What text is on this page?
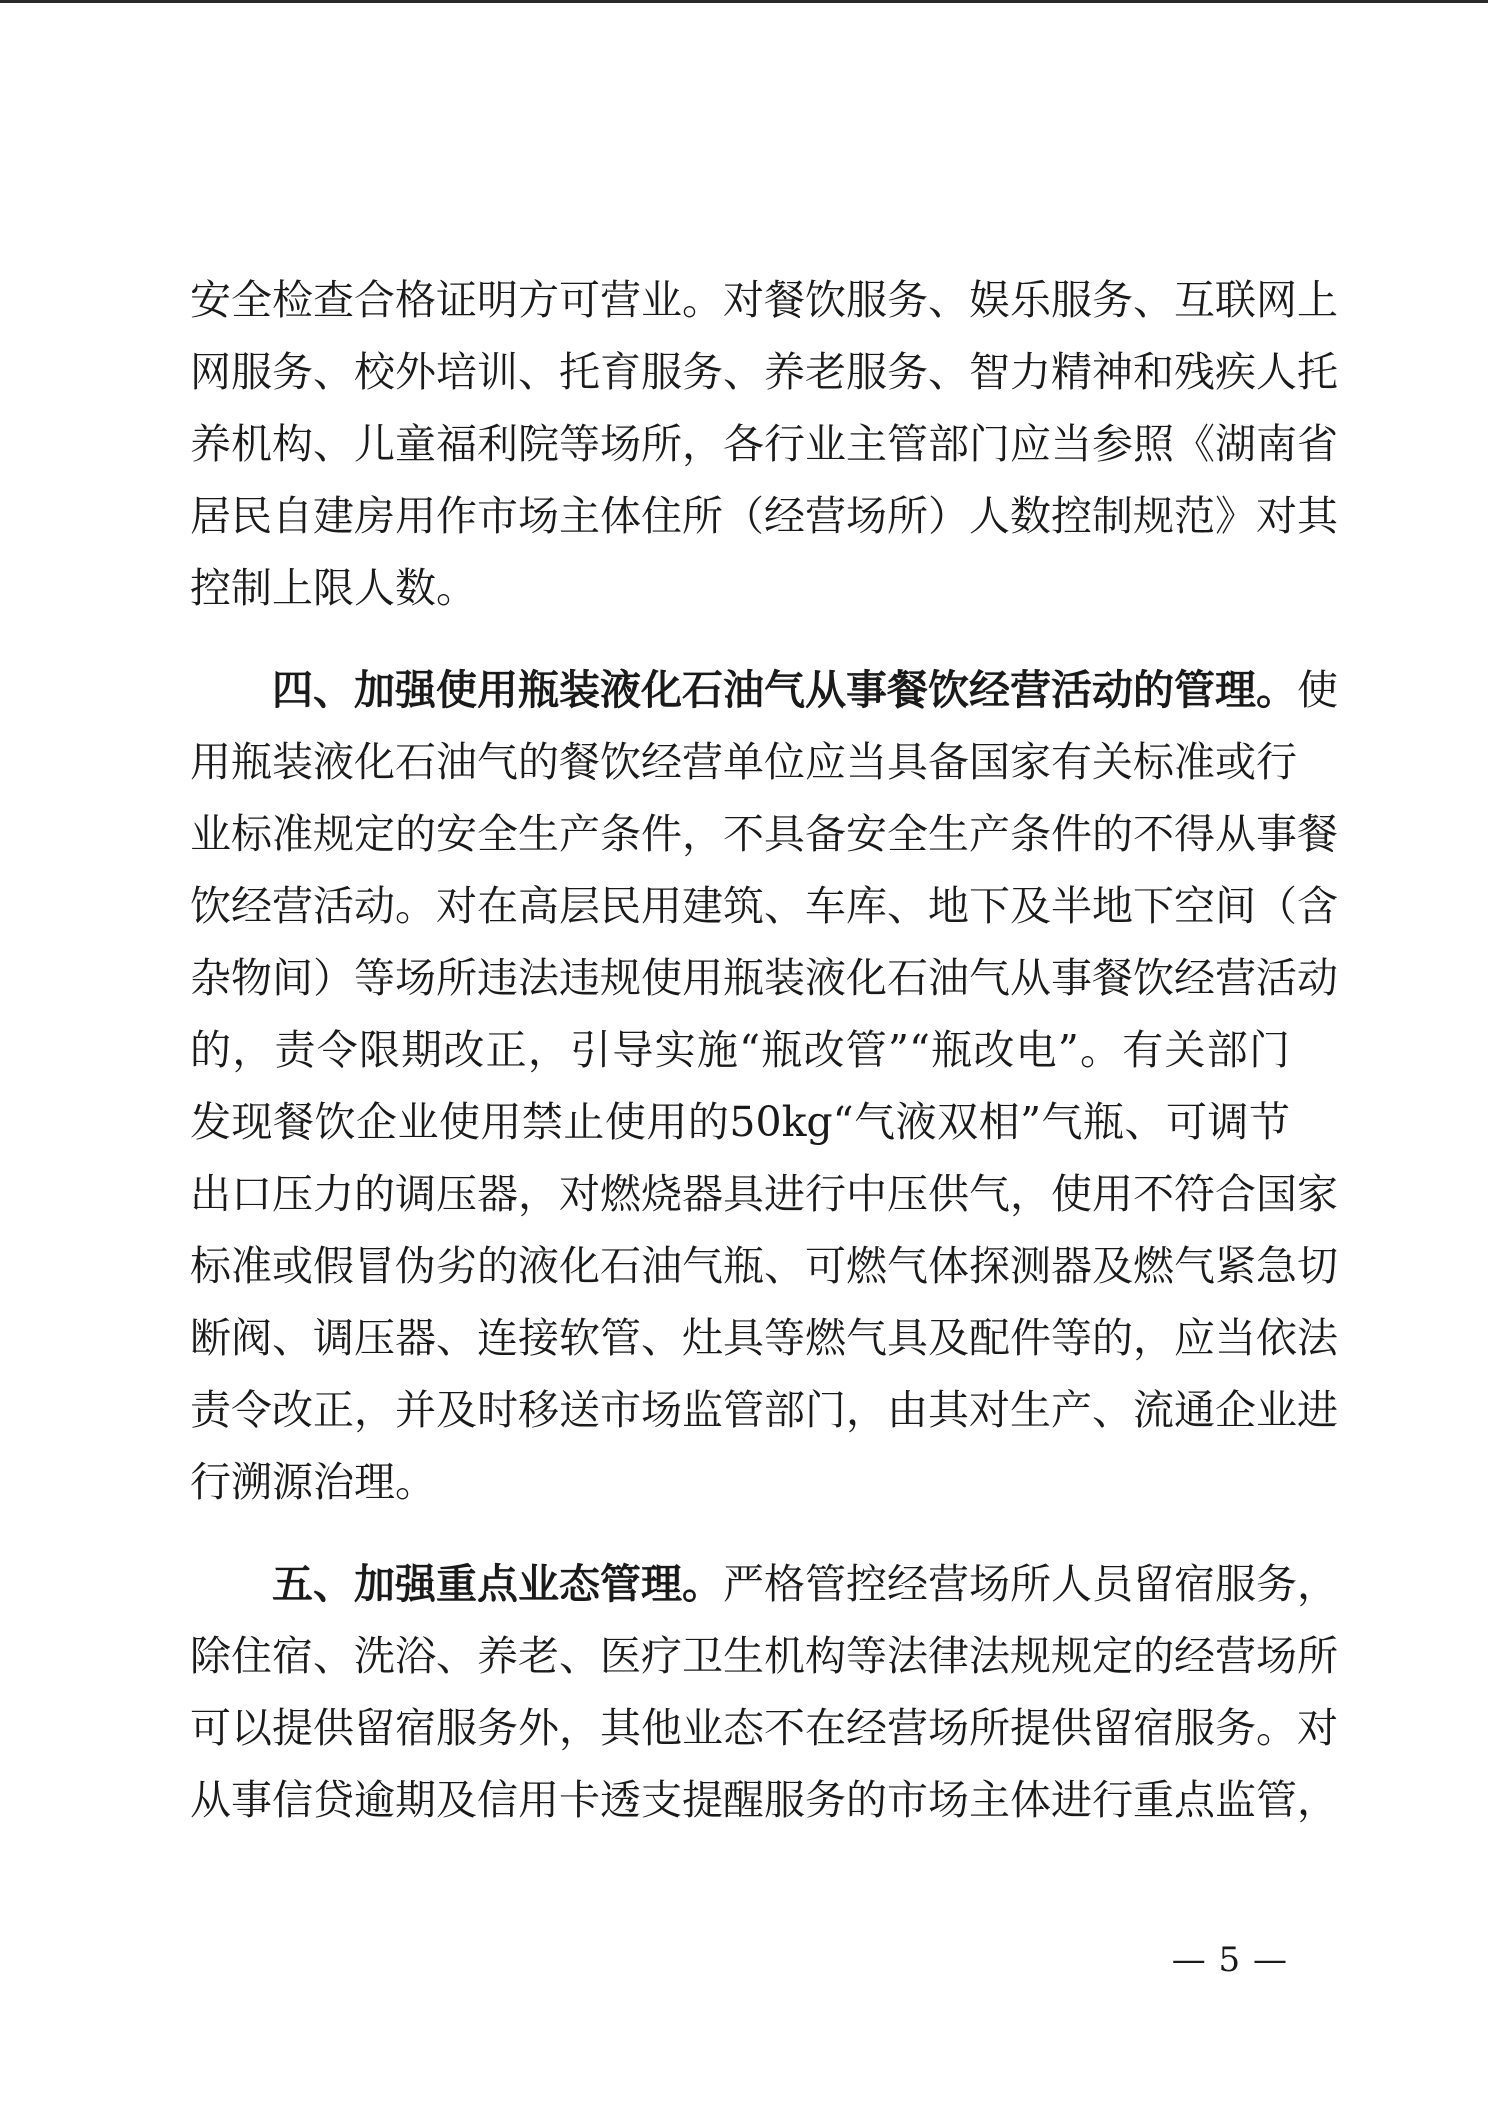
安全检查合格证明方可营业。对餐饮服务、娱乐服务、互联网上
网服务、校外培训、托育服务、养老服务、智力精神和残疾人托
养机构、儿童福利院等场所，各行业主管部门应当参照《湖南省
居民自建房用作市场主体住所（经营场所）人数控制规范》对其
控制上限人数。
四、加强使用瓶装液化石油气从事餐饮经营活动的管理。使
用瓶装液化石油气的餐饮经营单位应当具备国家有关标准或行
业标准规定的安全生产条件，不具备安全生产条件的不得从事餐
饮经营活动。对在高层民用建筑、车库、地下及半地下空间（含
杂物间）等场所违法违规使用瓶装液化石油气从事餐饮经营活动
的，责令限期改正，引导实施“瓶改管”“瓶改电”。有关部门
发现餐饮企业使用禁止使用的50kg“气液双相”气瓶、可调节
出口压力的调压器，对燃烧器具进行中压供气，使用不符合国家
标准或假冒伪劣的液化石油气瓶、可燃气体探测器及燃气紧急切
断阀、调压器、连接软管、灶具等燃气具及配件等的，应当依法
责令改正，并及时移送市场监管部门，由其对生产、流通企业进
行溯源治理。
五、加强重点业态管理。严格管控经营场所人员留宿服务，
除住宿、洗浴、养老、医疗卫生机构等法律法规规定的经营场所
可以提供留宿服务外，其他业态不在经营场所提供留宿服务。对
从事信贷逾期及信用卡透支提醒服务的市场主体进行重点监管，
— 5 —
